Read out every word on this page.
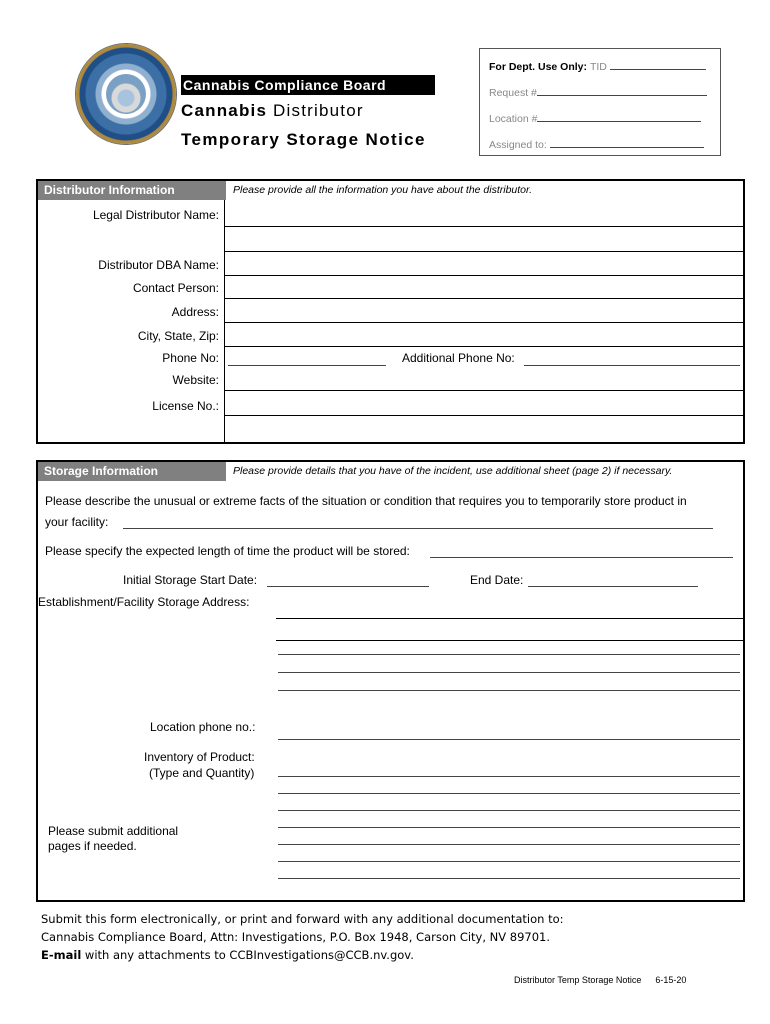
Cannabis Compliance Board
Cannabis Distributor
Temporary Storage Notice
For Dept. Use Only: TID
Request #
Location #
Assigned to:
Distributor Information	Please provide all the information you have about the distributor.
Legal Distributor Name:
Distributor DBA Name:
Contact Person:
Address:
City, State, Zip:
Phone No:	Additional Phone No:
Website:
License No.:
Storage Information	Please provide details that you have of the incident, use additional sheet (page 2) if necessary.
Please describe the unusual or extreme facts of the situation or condition that requires you to temporarily store product in
your facility:
Please specify the expected length of time the product will be stored:
Initial Storage Start Date:	End Date:
Establishment/Facility Storage Address:
Location phone no.:
Inventory of Product:
(Type and Quantity)
Please submit additional
pages if needed.
Submit this form electronically, or print and forward with any additional documentation to:
Cannabis Compliance Board, Attn: Investigations, P.O. Box 1948, Carson City, NV 89701.
E-mail with any attachments to CCBInvestigations@CCB.nv.gov.
Distributor Temp Storage Notice 6-15-20
